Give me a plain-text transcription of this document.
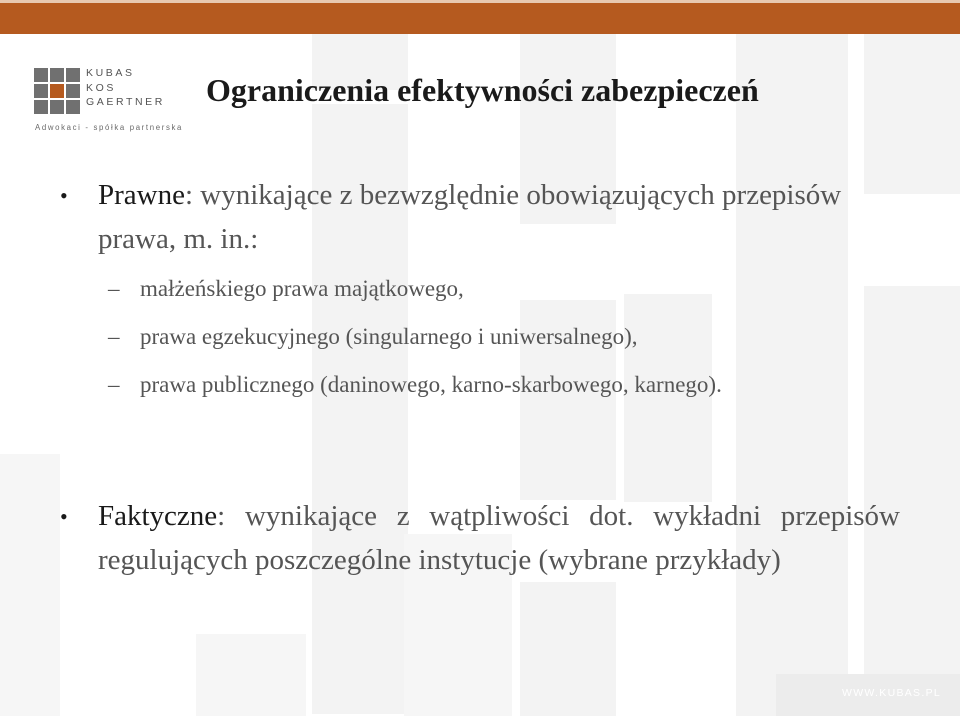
KUBAS
KOS
GAERTNER
Adwokaci - spółka partnerska
Ograniczenia efektywności zabezpieczeń
• Prawne: wynikające z bezwzględnie obowiązujących przepisów prawa, m. in.:
– małżeńskiego prawa majątkowego,
– prawa egzekucyjnego (singularnego i uniwersalnego),
– prawa publicznego (daninowego, karno-skarbowego, karnego).
• Faktyczne: wynikające z wątpliwości dot. wykładni przepisów regulujących poszczególne instytucje (wybrane przykłady)
WWW.KUBAS.PL
